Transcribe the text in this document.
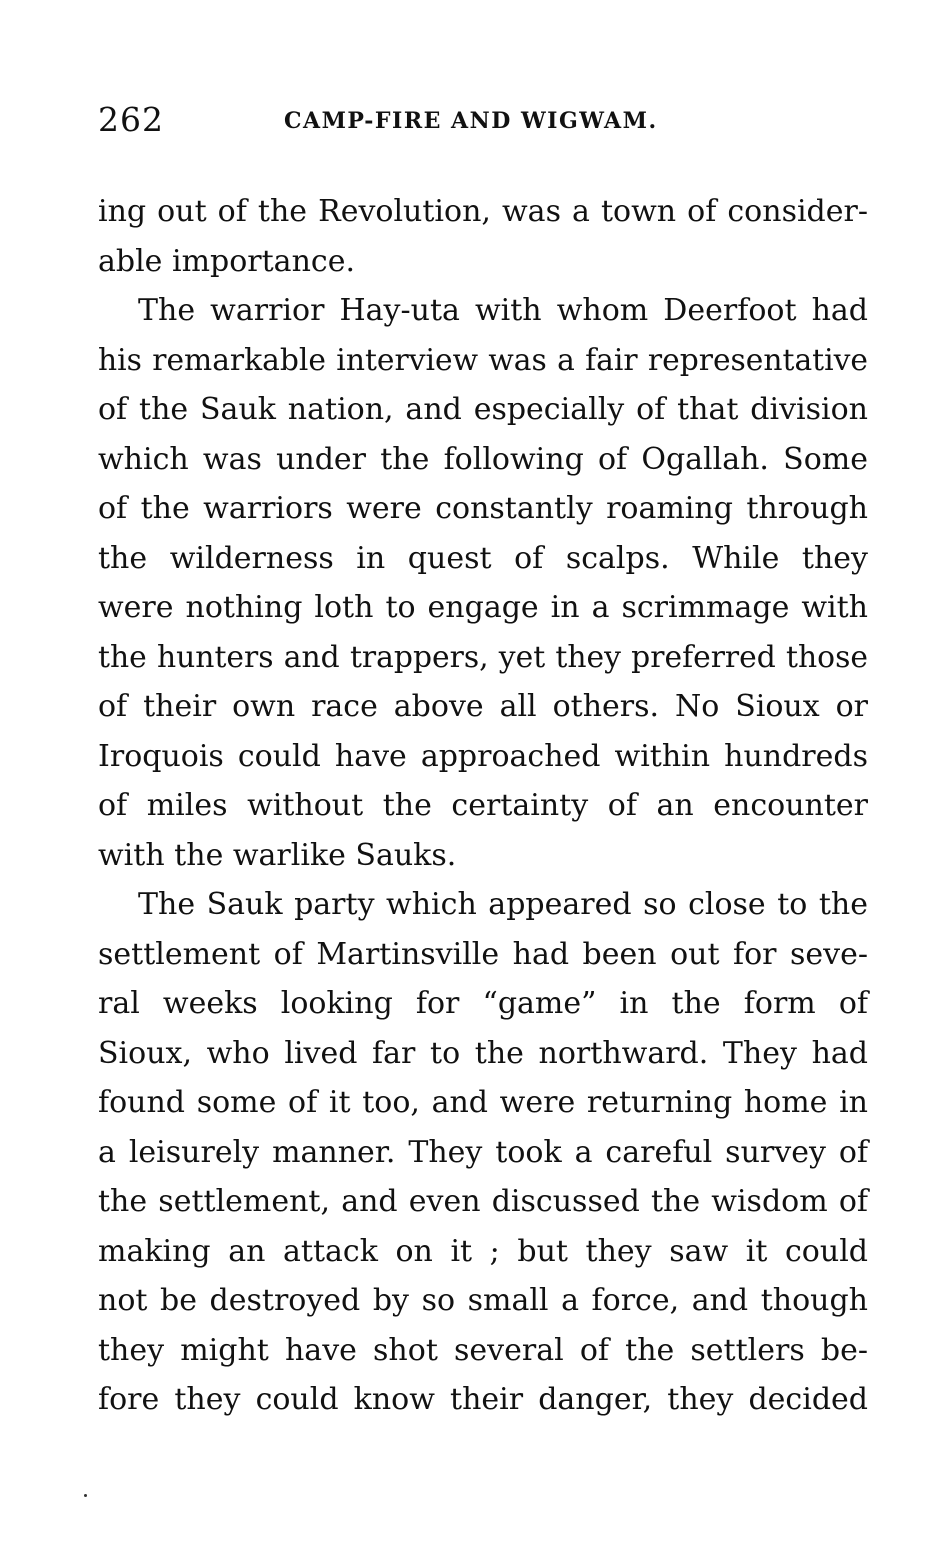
262	CAMP-FIRE AND WIGWAM.
ing out of the Revolution, was a town of consider-
able importance.
The warrior Hay-uta with whom Deerfoot had
his remarkable interview was a fair representative
of the Sauk nation, and especially of that division
which was under the following of Ogallah. Some
of the warriors were constantly roaming through
the wilderness in quest of scalps. While they
were nothing loth to engage in a scrimmage with
the hunters and trappers, yet they preferred those
of their own race above all others. No Sioux or
Iroquois could have approached within hundreds
of miles without the certainty of an encounter
with the warlike Sauks.
The Sauk party which appeared so close to the
settlement of Martinsville had been out for seve-
ral weeks looking for “game” in the form of
Sioux, who lived far to the northward. They had
found some of it too, and were returning home in
a leisurely manner. They took a careful survey of
the settlement, and even discussed the wisdom of
making an attack on it ; but they saw it could
not be destroyed by so small a force, and though
they might have shot several of the settlers be-
fore they could know their danger, they decided
